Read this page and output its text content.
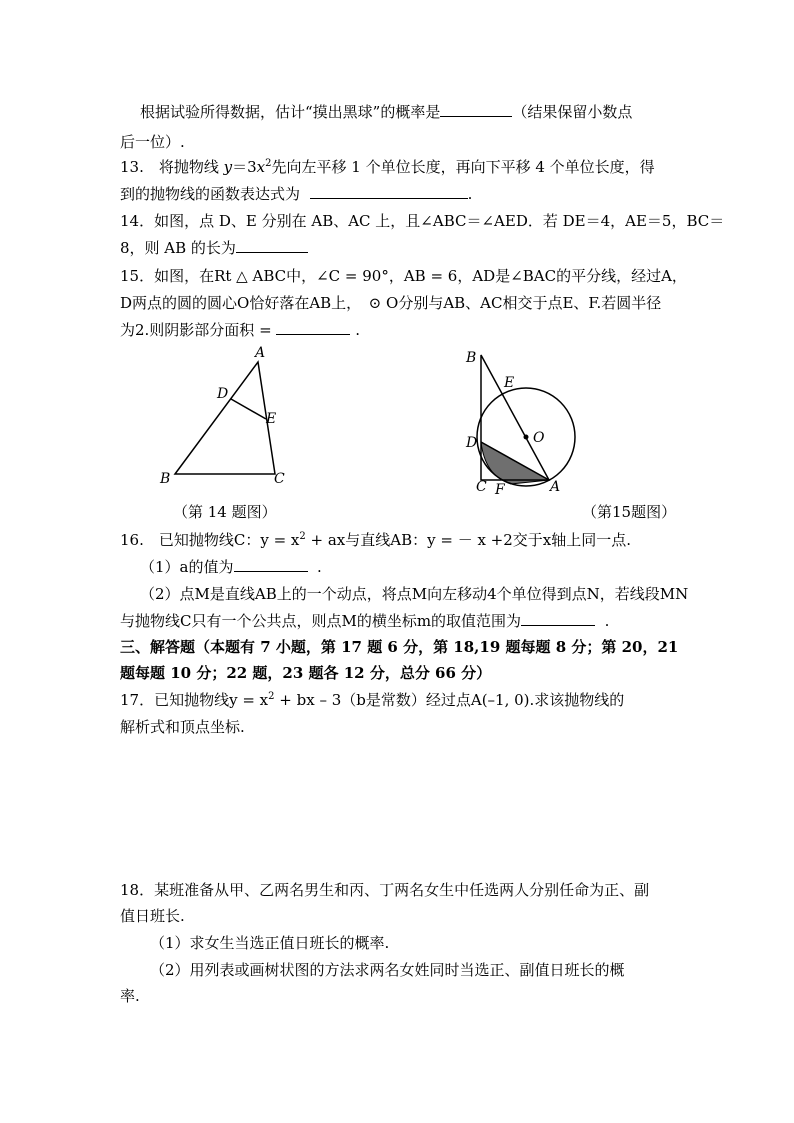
根据试验所得数据，估计“摸出黑球”的概率是	（结果保留小数点
后一位）.
13.　将抛物线 $y=3x^2$先向左平移 1 个单位长度，再向下平移 4 个单位长度，得
到的抛物线的函数表达式为	.
14．如图，点 D、E 分别在 AB、AC 上，且∠ABC＝∠AED．若 DE＝4，AE＝5，BC＝
8，则 AB 的长为
15．如图，在Rt △ ABC中，∠C = 90°，AB = 6，AD是∠BAC的平分线，经过A，
D两点的圆的圆心O恰好落在AB上，　⊙ O分别与AB、AC相交于点E、F.若圆半径
为2.则阴影部分面积 =	.
A
D
E
B	C
（第 14 题图）
B
E
O
D
C F	A
（第15题图）
16.　已知抛物线C：$y = x^2$ + ax与直线AB：y = － x +2交于x轴上同一点.
（1）a的值为	.
（2）点M是直线AB上的一个动点，将点M向左移动4个单位得到点N，若线段MN
与抛物线C只有一个公共点，则点M的横坐标m的取值范围为	.
三、解答题（本题有 7 小题，第 17 题 6 分，第 18,19 题每题 8 分；第 20，21
题每题 10 分；22 题，23 题各 12 分，总分 66 分）
17．已知抛物线$y = x^2$ + bx – 3（b是常数）经过点A(–1, 0).求该抛物线的
解析式和顶点坐标.
18．某班准备从甲、乙两名男生和丙、丁两名女生中任选两人分别任命为正、副
值日班长.
（1）求女生当选正值日班长的概率.
（2）用列表或画树状图的方法求两名女姓同时当选正、副值日班长的概
率.
